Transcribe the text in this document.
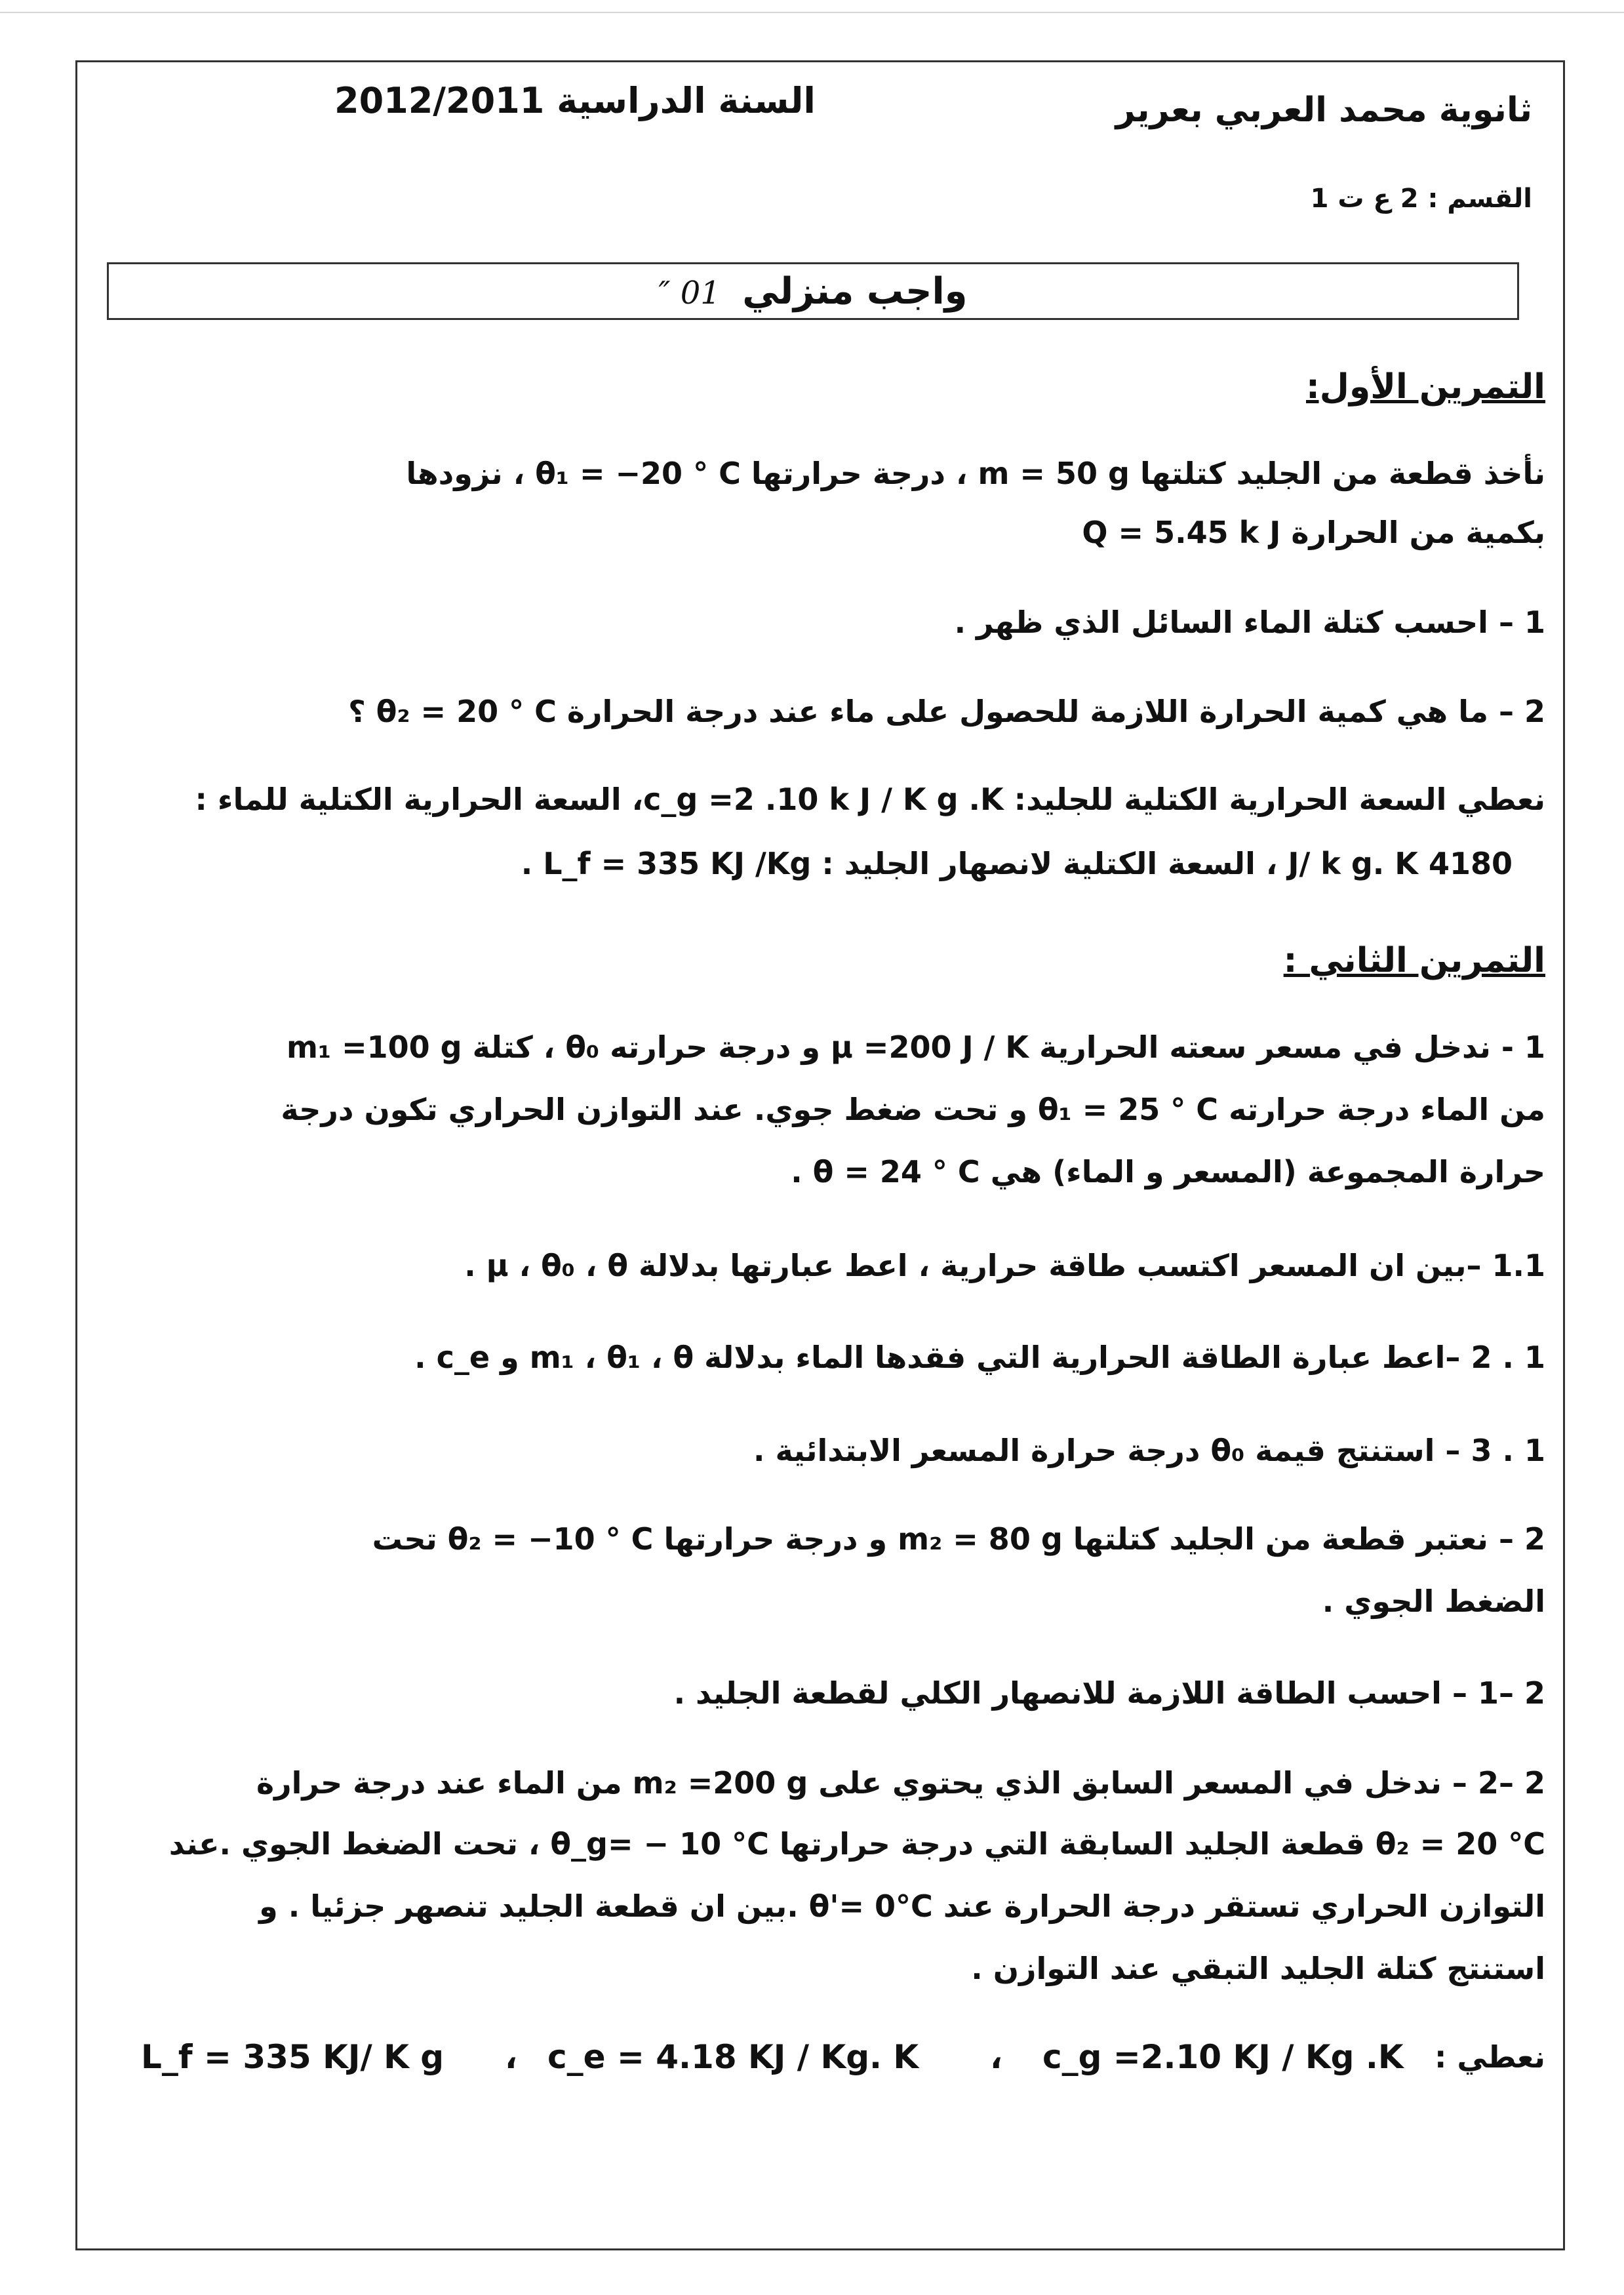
ثانوية محمد العربي بعرير
2012/2011 السنة الدراسية
القسم : 2 ع ت 1
واجب منزلي 01 ″
التمرين الأول:
نأخذ قطعة من الجليد كتلتها m = 50 g ، درجة حرارتها θ₁ = −20 ° C ، نزودها
بكمية من الحرارة Q = 5.45 k J
1 – احسب كتلة الماء السائل الذي ظهر .
2 – ما هي كمية الحرارة اللازمة للحصول على ماء عند درجة الحرارة θ₂ = 20 ° C ؟
نعطي السعة الحرارية الكتلية للجليد: c_g =2 .10 k J / K g .K، السعة الحرارية الكتلية للماء :
4180 J/ k g. K ، السعة الكتلية لانصهار الجليد : L_f = 335 KJ /Kg .
التمرين الثاني :
1 - ندخل في مسعر سعته الحرارية μ =200 J / K و درجة حرارته θ₀ ، كتلة m₁ =100 g
من الماء درجة حرارته θ₁ = 25 ° C و تحت ضغط جوي. عند التوازن الحراري تكون درجة
حرارة المجموعة (المسعر و الماء) هي θ = 24 ° C .
1.1 –بين ان المسعر اكتسب طاقة حرارية ، اعط عبارتها بدلالة μ ، θ₀ ، θ .
1 . 2 –اعط عبارة الطاقة الحرارية التي فقدها الماء بدلالة m₁ ، θ₁ ، θ و c_e .
1 . 3 – استنتج قيمة θ₀ درجة حرارة المسعر الابتدائية .
2 – نعتبر قطعة من الجليد كتلتها m₂ = 80 g و درجة حرارتها θ₂ = −10 ° C تحت
الضغط الجوي .
2 –1 – احسب الطاقة اللازمة للانصهار الكلي لقطعة الجليد .
2 –2 – ندخل في المسعر السابق الذي يحتوي على m₂ =200 g من الماء عند درجة حرارة
θ₂ = 20 °C قطعة الجليد السابقة التي درجة حرارتها θ_g= − 10 °C ، تحت الضغط الجوي .عند
التوازن الحراري تستقر درجة الحرارة عند θ'= 0°C .بين ان قطعة الجليد تنصهر جزئيا . و
استنتج كتلة الجليد التبقي عند التوازن .
نعطي :
c_g =2.10 KJ / Kg .K
،
c_e = 4.18 KJ / Kg. K
،
L_f = 335 KJ/ K g
